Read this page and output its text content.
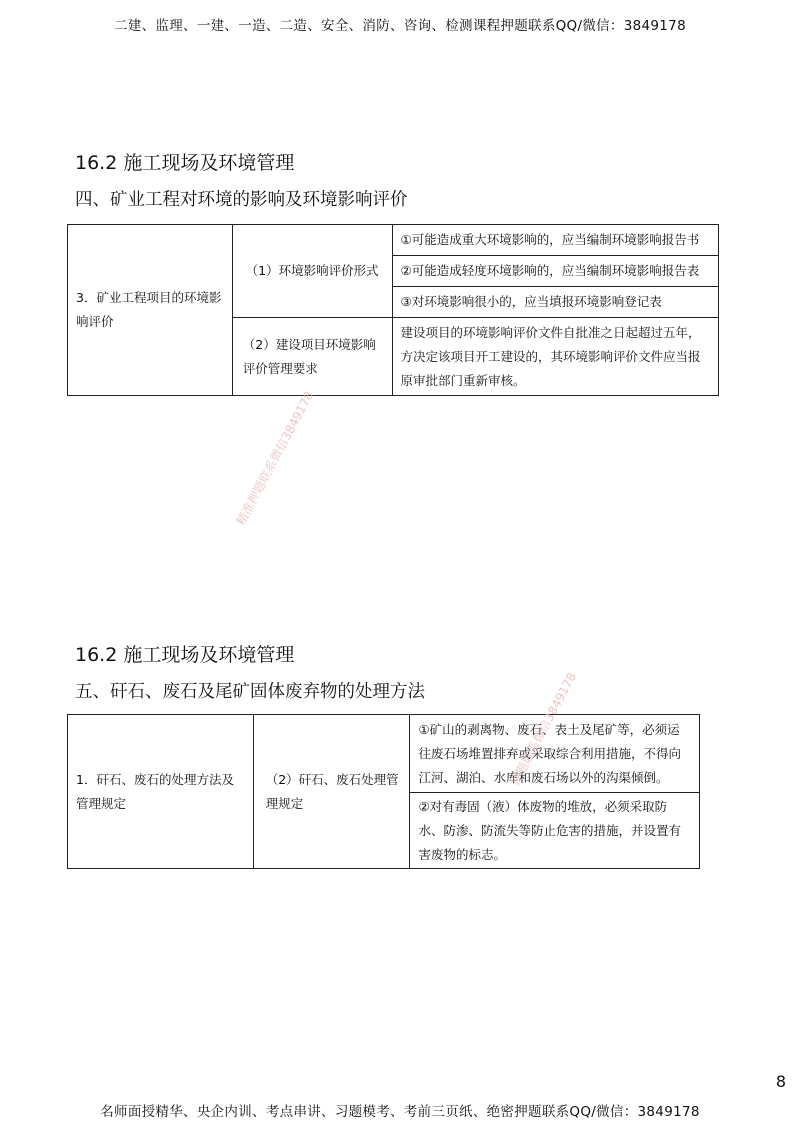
二建、监理、一建、一造、二造、安全、消防、咨询、检测课程押题联系QQ/微信：3849178
16.2 施工现场及环境管理
四、矿业工程对环境的影响及环境影响评价
3．矿业工程项目的环境影响评价	（1）环境影响评价形式	①可能造成重大环境影响的，应当编制环境影响报告书
		②可能造成轻度环境影响的，应当编制环境影响报告表
		③对环境影响很小的，应当填报环境影响登记表
	（2）建设项目环境影响评价管理要求	建设项目的环境影响评价文件自批准之日起超过五年，方决定该项目开工建设的，其环境影响评价文件应当报原审批部门重新审核。
16.2 施工现场及环境管理
五、矸石、废石及尾矿固体废弃物的处理方法
1．矸石、废石的处理方法及管理规定	（2）矸石、废石处理管理规定	①矿山的剥离物、废石、表土及尾矿等，必须运往废石场堆置排弃或采取综合利用措施，不得向江河、湖泊、水库和废石场以外的沟渠倾倒。
②对有毒固（液）体废物的堆放，必须采取防水、防渗、防流失等防止危害的措施，并设置有害废物的标志。
精准押题联系微信3849178
押题联系微信3849178
8
名师面授精华、央企内训、考点串讲、习题模考、考前三页纸、绝密押题联系QQ/微信：3849178
